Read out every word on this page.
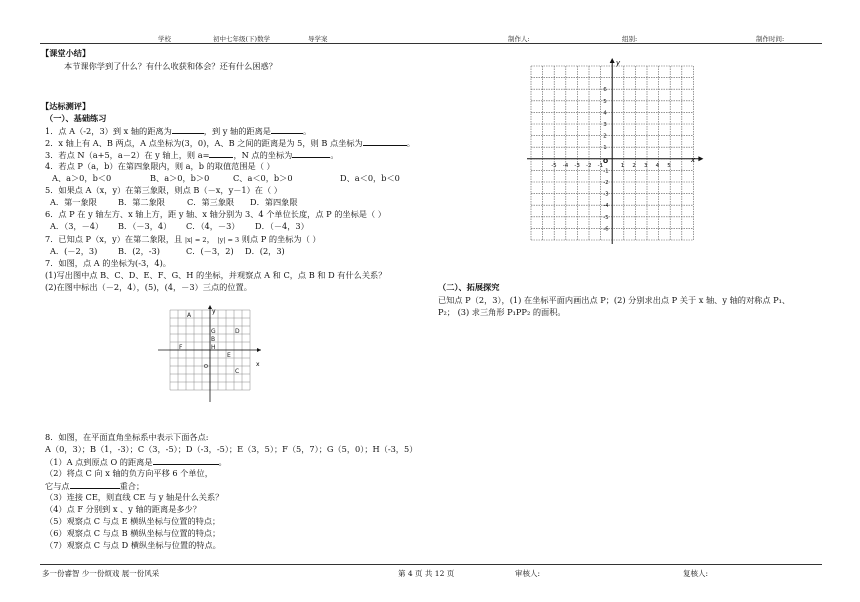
学校	初中七年级(下)数学	导学案	制作人:	组别:	制作时间:
【课堂小结】
本节课你学到了什么？有什么收获和体会？还有什么困惑？
【达标测评】
（一）、基础练习
1．点 A（-2，3）到 x 轴的距离为	，到 y 轴的距离是	。
2．x 轴上有 A、B 两点，A 点坐标为(3，0)，A、B 之间的距离是为 5，则 B 点坐标为	。
3．若点 N（a+5，a－2）在 y 轴上，则 a=	，N 点的坐标为	。
4．若点 P（a，b）在第四象限内，则 a，b 的取值范围是（ ）
A、a＞0，b＜0	B、a＞0，b＞0	C、a＜0，b＞0	D、a＜0，b＜0
5．如果点 A（x，y）在第三象限，则点 B（－x，y－1）在（ ）
A．第一象限	B．第二象限	C．第三象限 D．第四象限
6．点 P 在 y 轴左方、x 轴上方，距 y 轴、x 轴分别为 3、4 个单位长度，点 P 的坐标是（ ）
A．（3，－4） B．（－3，4） C．（4，－3） D．（－4，3）
7．已知点 P（x，y）在第二象限，且 |x| = 2， |y| = 3 则点 P 的坐标为（ ）
A．(－2，3)	B．(2，-3)	C．(－3，2) D．(2，3)
7．如图，点 A 的坐标为(-3，4)。
(1)写出图中点 B、C、D、E、F、G、H 的坐标，并观察点 A 和 C，点 B 和 D 有什么关系？
(2)在图中标出（－2，4），(5)，(4，－3）三点的位置。
x
y
O
A
G	D
H
B
F
E
C
8．如图，在平面直角坐标系中表示下面各点:
A（0，3）；B（1，-3）；C（3，-5）；D（-3，-5）；E（3，5）；F（5，7）；G（5，0）；H（-3，5）
（1）A 点到原点 O 的距离是	。
（2）将点 C 向 x 轴的负方向平移 6 个单位，
它与点	重合；
（3）连接 CE，则直线 CE 与 y 轴是什么关系？
（4）点 F 分别到 x 、y 轴的距离是多少？
（5）观察点 C 与点 E 横纵坐标与位置的特点；
（6）观察点 C 与点 B 横纵坐标与位置的特点；
（7）观察点 C 与点 D 横纵坐标与位置的特点。
x
y
O
-5 -4 -3 -2 -1	1 2 3 4 5
6
5
4
3
2
1
-1
-2
-3
-4
-5
-6
（二）、拓展探究
已知点 P（2，3），(1) 在坐标平面内画出点 P；(2) 分别求出点 P 关于 x 轴、y 轴的对称点 P₁、
P₂； (3) 求三角形 P₁PP₂ 的面积。
多一份睿智 少一份烦戏 展一份风采	第 4 页 共 12 页	审核人:	复核人:
